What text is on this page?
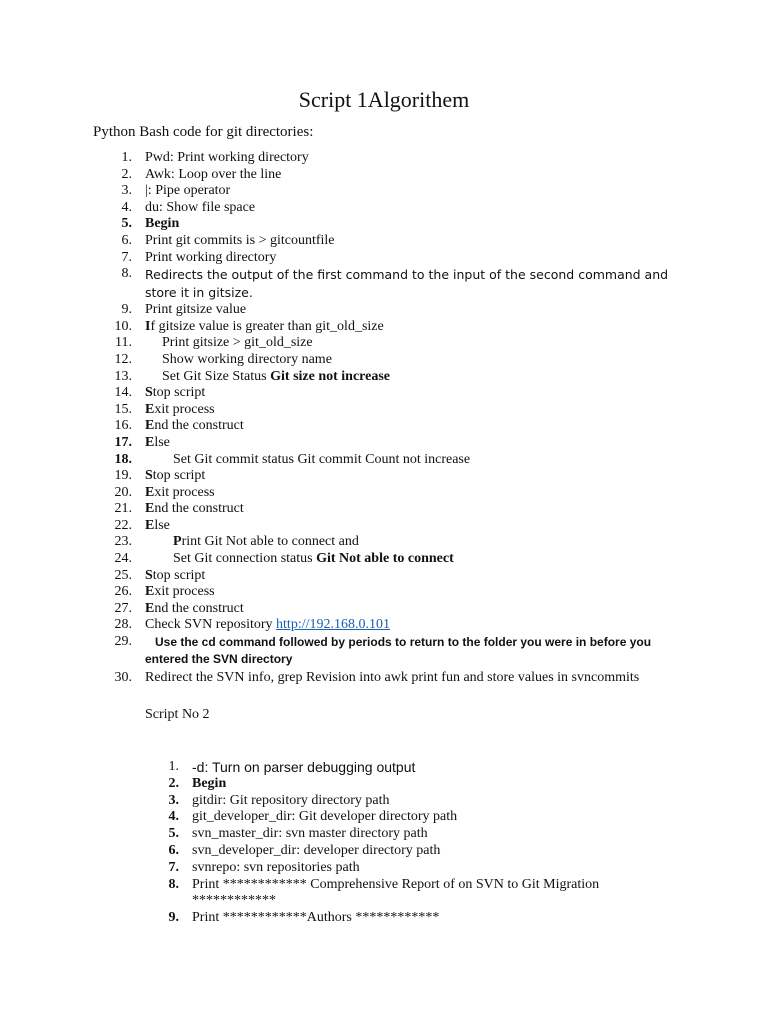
Script 1Algorithem
Python Bash code for git directories:
1. Pwd: Print working directory
2. Awk: Loop over the line
3. |: Pipe operator
4. du: Show file space
5. Begin
6. Print git commits is > gitcountfile
7. Print working directory
8. Redirects the output of the first command to the input of the second command and store it in gitsize.
9. Print gitsize value
10. If gitsize value is greater than git_old_size
11. Print gitsize > git_old_size
12. Show working directory name
13. Set Git Size Status Git size not increase
14. Stop script
15. Exit process
16. End the construct
17. Else
18.	Set Git commit status Git commit Count not increase
19. Stop script
20. Exit process
21. End the construct
22. Else
23.	Print Git Not able to connect and
24.	Set Git connection status Git Not able to connect
25. Stop script
26. Exit process
27. End the construct
28. Check SVN repository http://192.168.0.101
29.	Use the cd command followed by periods to return to the folder you were in before you entered the SVN directory
30. Redirect the SVN info, grep Revision into awk print fun and store values in svncommits
Script No 2
1. -d: Turn on parser debugging output
2. Begin
3. gitdir: Git repository directory path
4. git_developer_dir: Git developer directory path
5. svn_master_dir: svn master directory path
6. svn_developer_dir: developer directory path
7. svnrepo: svn repositories path
8. Print ************ Comprehensive Report of on SVN to Git Migration ************
9. Print ************Authors ************
